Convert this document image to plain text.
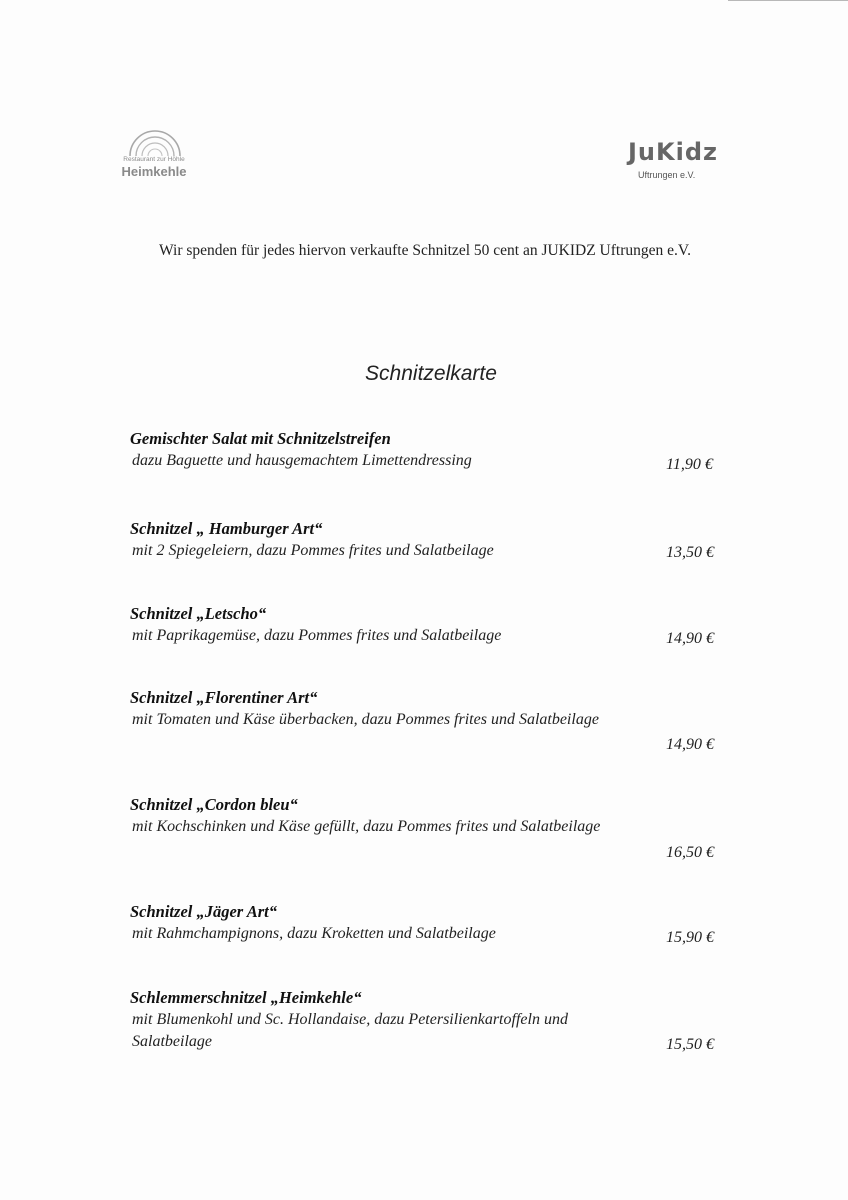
Restaurant zur Höhle
Heimkehle
JuKidz
Uftrungen e.V.
Wir spenden für jedes hiervon verkaufte Schnitzel 50 cent an JUKIDZ Uftrungen e.V.
Schnitzelkarte
Gemischter Salat mit Schnitzelstreifen
dazu Baguette und hausgemachtem Limettendressing	11,90 €
Schnitzel „ Hamburger Art“
mit 2 Spiegeleiern, dazu Pommes frites und Salatbeilage	13,50 €
Schnitzel „Letscho“
mit Paprikagemüse, dazu Pommes frites und Salatbeilage	14,90 €
Schnitzel „Florentiner Art“
mit Tomaten und Käse überbacken, dazu Pommes frites und Salatbeilage
14,90 €
Schnitzel „Cordon bleu“
mit Kochschinken und Käse gefüllt, dazu Pommes frites und Salatbeilage
16,50 €
Schnitzel „Jäger Art“
mit Rahmchampignons, dazu Kroketten und Salatbeilage	15,90 €
Schlemmerschnitzel „Heimkehle“
mit Blumenkohl und Sc. Hollandaise, dazu Petersilienkartoffeln und Salatbeilage	15,50 €
